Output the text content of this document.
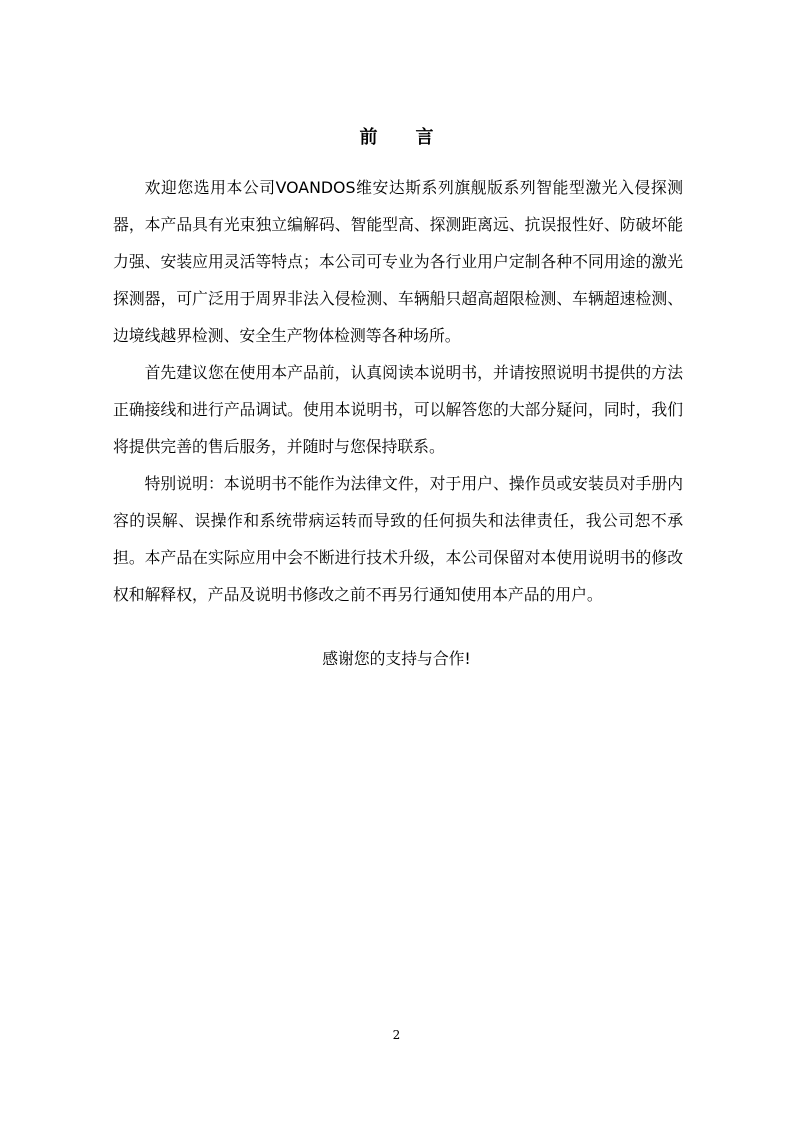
前言

欢迎您选用本公司VOANDOS维安达斯系列旗舰版系列智能型激光入侵探测器，本产品具有光束独立编解码、智能型高、探测距离远、抗误报性好、防破坏能力强、安装应用灵活等特点；本公司可专业为各行业用户定制各种不同用途的激光探测器，可广泛用于周界非法入侵检测、车辆船只超高超限检测、车辆超速检测、边境线越界检测、安全生产物体检测等各种场所。

首先建议您在使用本产品前，认真阅读本说明书，并请按照说明书提供的方法正确接线和进行产品调试。使用本说明书，可以解答您的大部分疑问，同时，我们将提供完善的售后服务，并随时与您保持联系。

特别说明：本说明书不能作为法律文件，对于用户、操作员或安装员对手册内容的误解、误操作和系统带病运转而导致的任何损失和法律责任，我公司恕不承担。本产品在实际应用中会不断进行技术升级，本公司保留对本使用说明书的修改权和解释权，产品及说明书修改之前不再另行通知使用本产品的用户。

感谢您的支持与合作!
2
